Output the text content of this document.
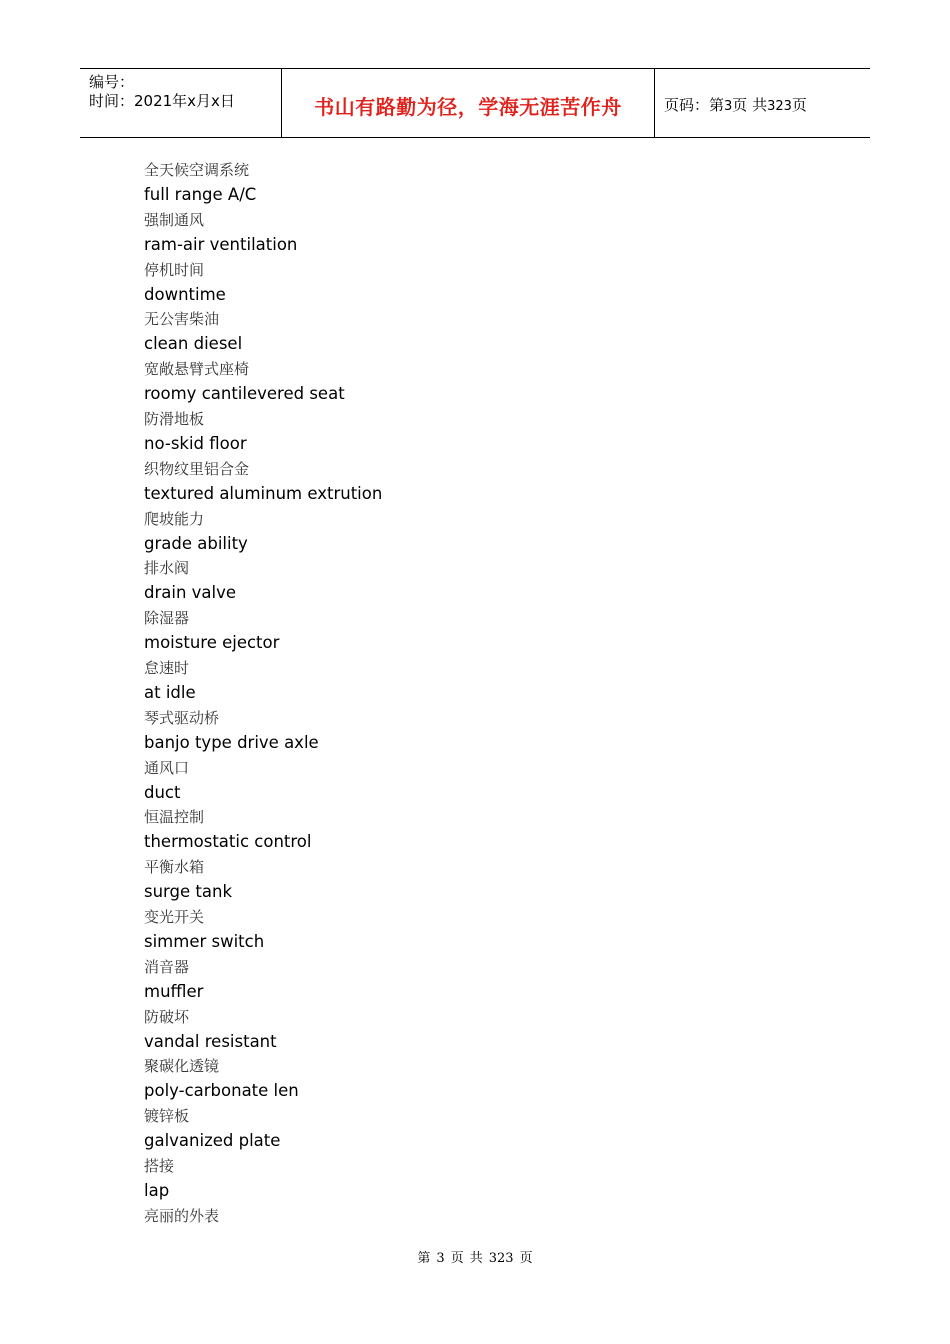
编号：
时间：2021年x月x日	书山有路勤为径，学海无涯苦作舟	页码：第3页 共323页
全天候空调系统
full range A/C
强制通风
ram-air ventilation
停机时间
downtime
无公害柴油
clean diesel
宽敞悬臂式座椅
roomy cantilevered seat
防滑地板
no-skid floor
织物纹里铝合金
textured aluminum extrution
爬坡能力
grade ability
排水阀
drain valve
除湿器
moisture ejector
怠速时
at idle
琴式驱动桥
banjo type drive axle
通风口
duct
恒温控制
thermostatic control
平衡水箱
surge tank
变光开关
simmer switch
消音器
muffler
防破坏
vandal resistant
聚碳化透镜
poly-carbonate len
镀锌板
galvanized plate
搭接
lap
亮丽的外表
第 3 页 共 323 页
